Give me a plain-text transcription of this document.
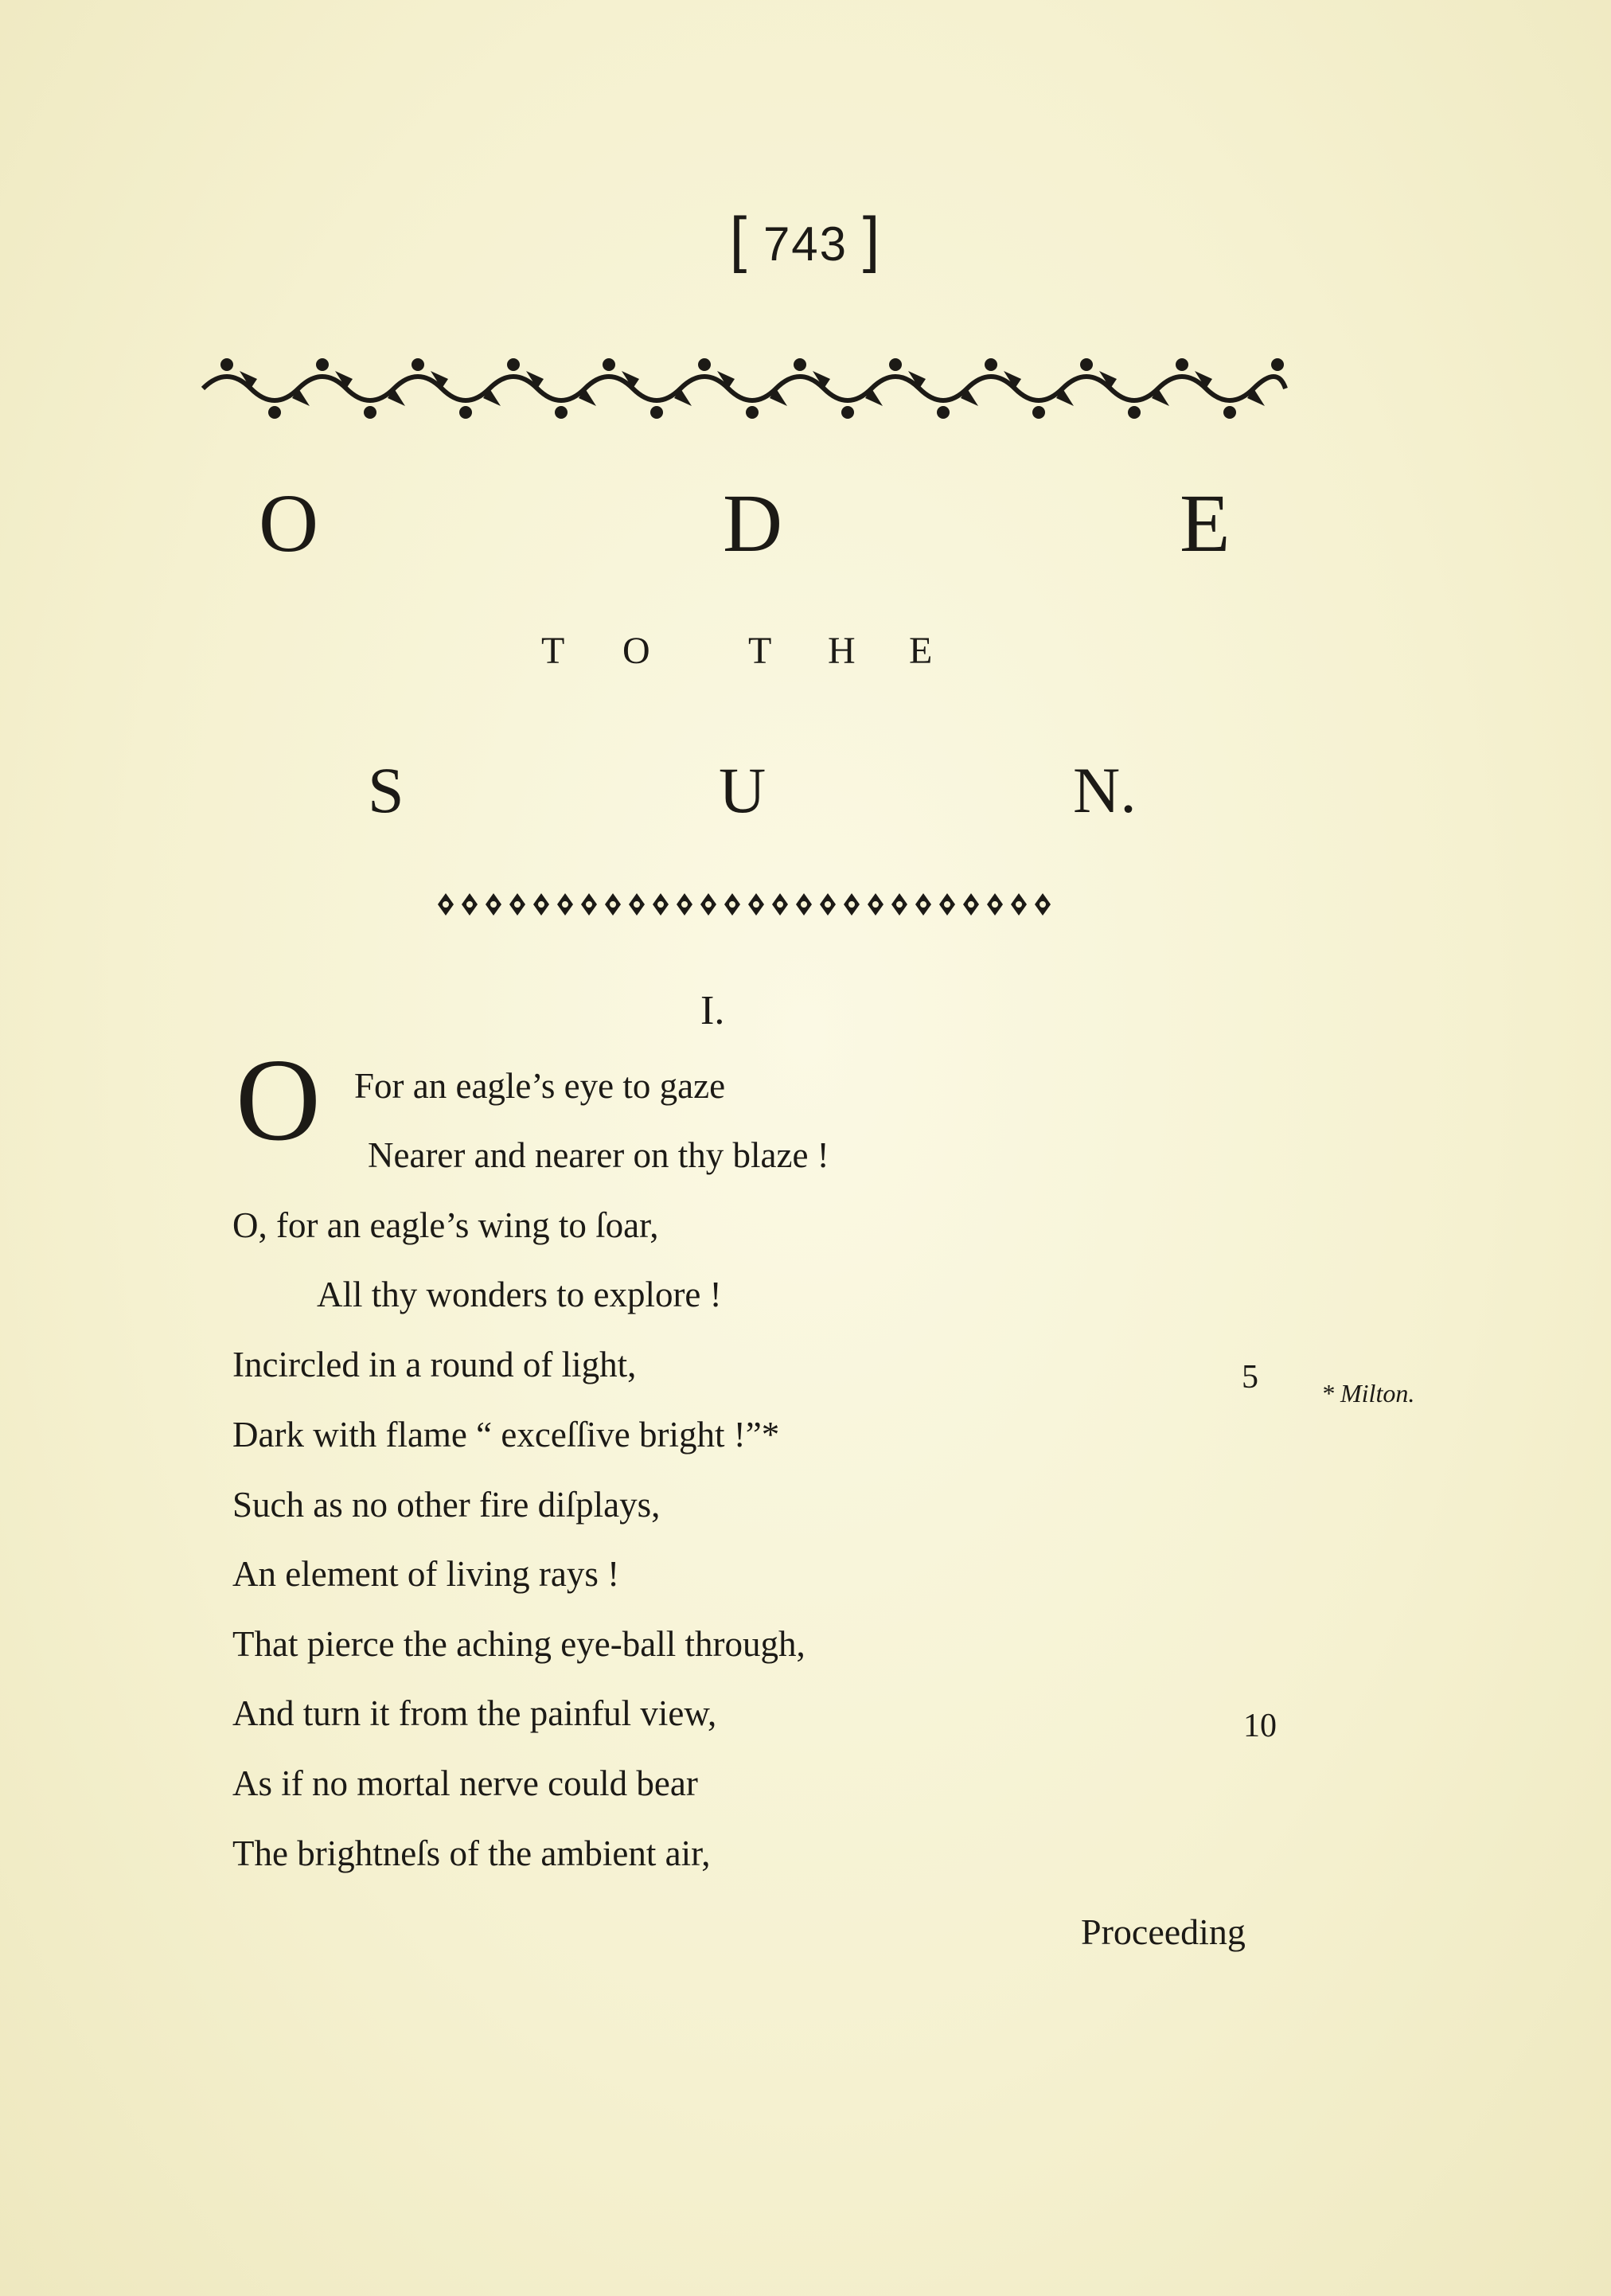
[ 743 ]
O	D	E
T O	T H E
S	U	N.
I.
O For an eagle’s eye to gaze
Nearer and nearer on thy blaze !
O, for an eagle’s wing to ſoar,
All thy wonders to explore !
Incircled in a round of light,
Dark with flame “ exceſſive bright !”*
Such as no other fire diſplays,
An element of living rays !
That pierce the aching eye-ball through,
And turn it from the painful view,
As if no mortal nerve could bear
The brightneſs of the ambient air,
5
10
* Milton.
Proceeding
